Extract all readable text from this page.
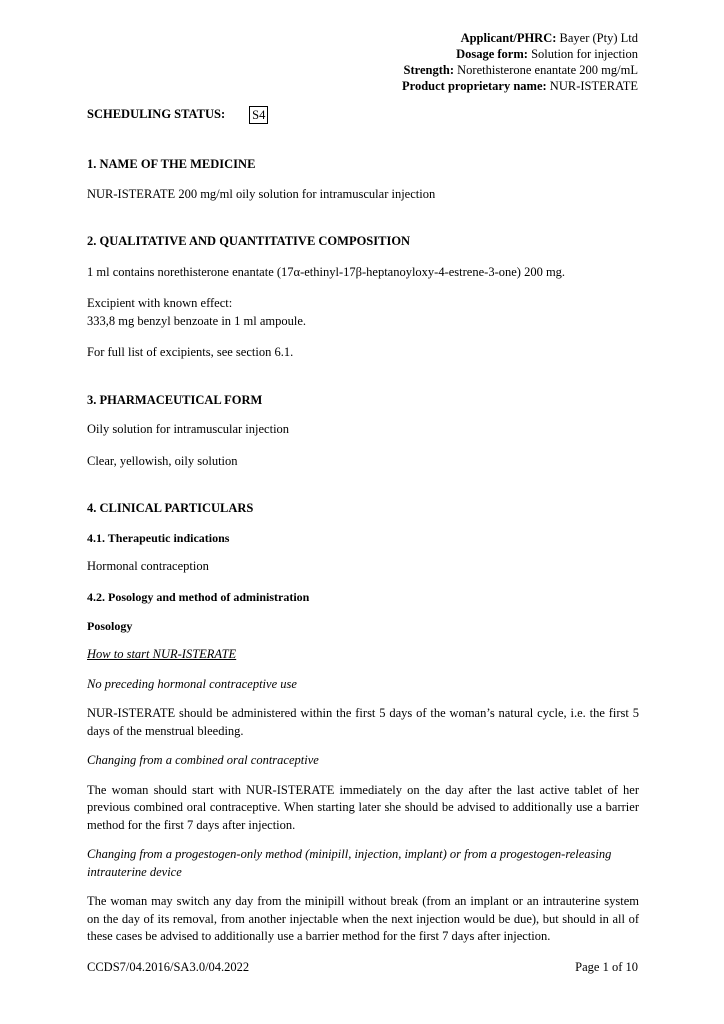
Applicant/PHRC: Bayer (Pty) Ltd
Dosage form: Solution for injection
Strength: Norethisterone enantate 200 mg/mL
Product proprietary name: NUR-ISTERATE
SCHEDULING STATUS: S4
1. NAME OF THE MEDICINE

NUR-ISTERATE 200 mg/ml oily solution for intramuscular injection

2. QUALITATIVE AND QUANTITATIVE COMPOSITION

1 ml contains norethisterone enantate (17α-ethinyl-17β-heptanoyloxy-4-estrene-3-one) 200 mg.

Excipient with known effect:

333,8 mg benzyl benzoate in 1 ml ampoule.

For full list of excipients, see section 6.1.

3. PHARMACEUTICAL FORM

Oily solution for intramuscular injection

Clear, yellowish, oily solution

4. CLINICAL PARTICULARS
4.1. Therapeutic indications

Hormonal contraception

4.2. Posology and method of administration
Posology

How to start NUR-ISTERATE

No preceding hormonal contraceptive use

NUR-ISTERATE should be administered within the first 5 days of the woman’s natural cycle, i.e. the first 5 days of the menstrual bleeding.

Changing from a combined oral contraceptive

The woman should start with NUR-ISTERATE immediately on the day after the last active tablet of her previous combined oral contraceptive. When starting later she should be advised to additionally use a barrier method for the first 7 days after injection.

Changing from a progestogen-only method (minipill, injection, implant) or from a progestogen-releasing intrauterine device

The woman may switch any day from the minipill without break (from an implant or an intrauterine system on the day of its removal, from another injectable when the next injection would be due), but should in all of these cases be advised to additionally use a barrier method for the first 7 days after injection.

CCDS7/04.2016/SA3.0/04.2022	Page 1 of 10
